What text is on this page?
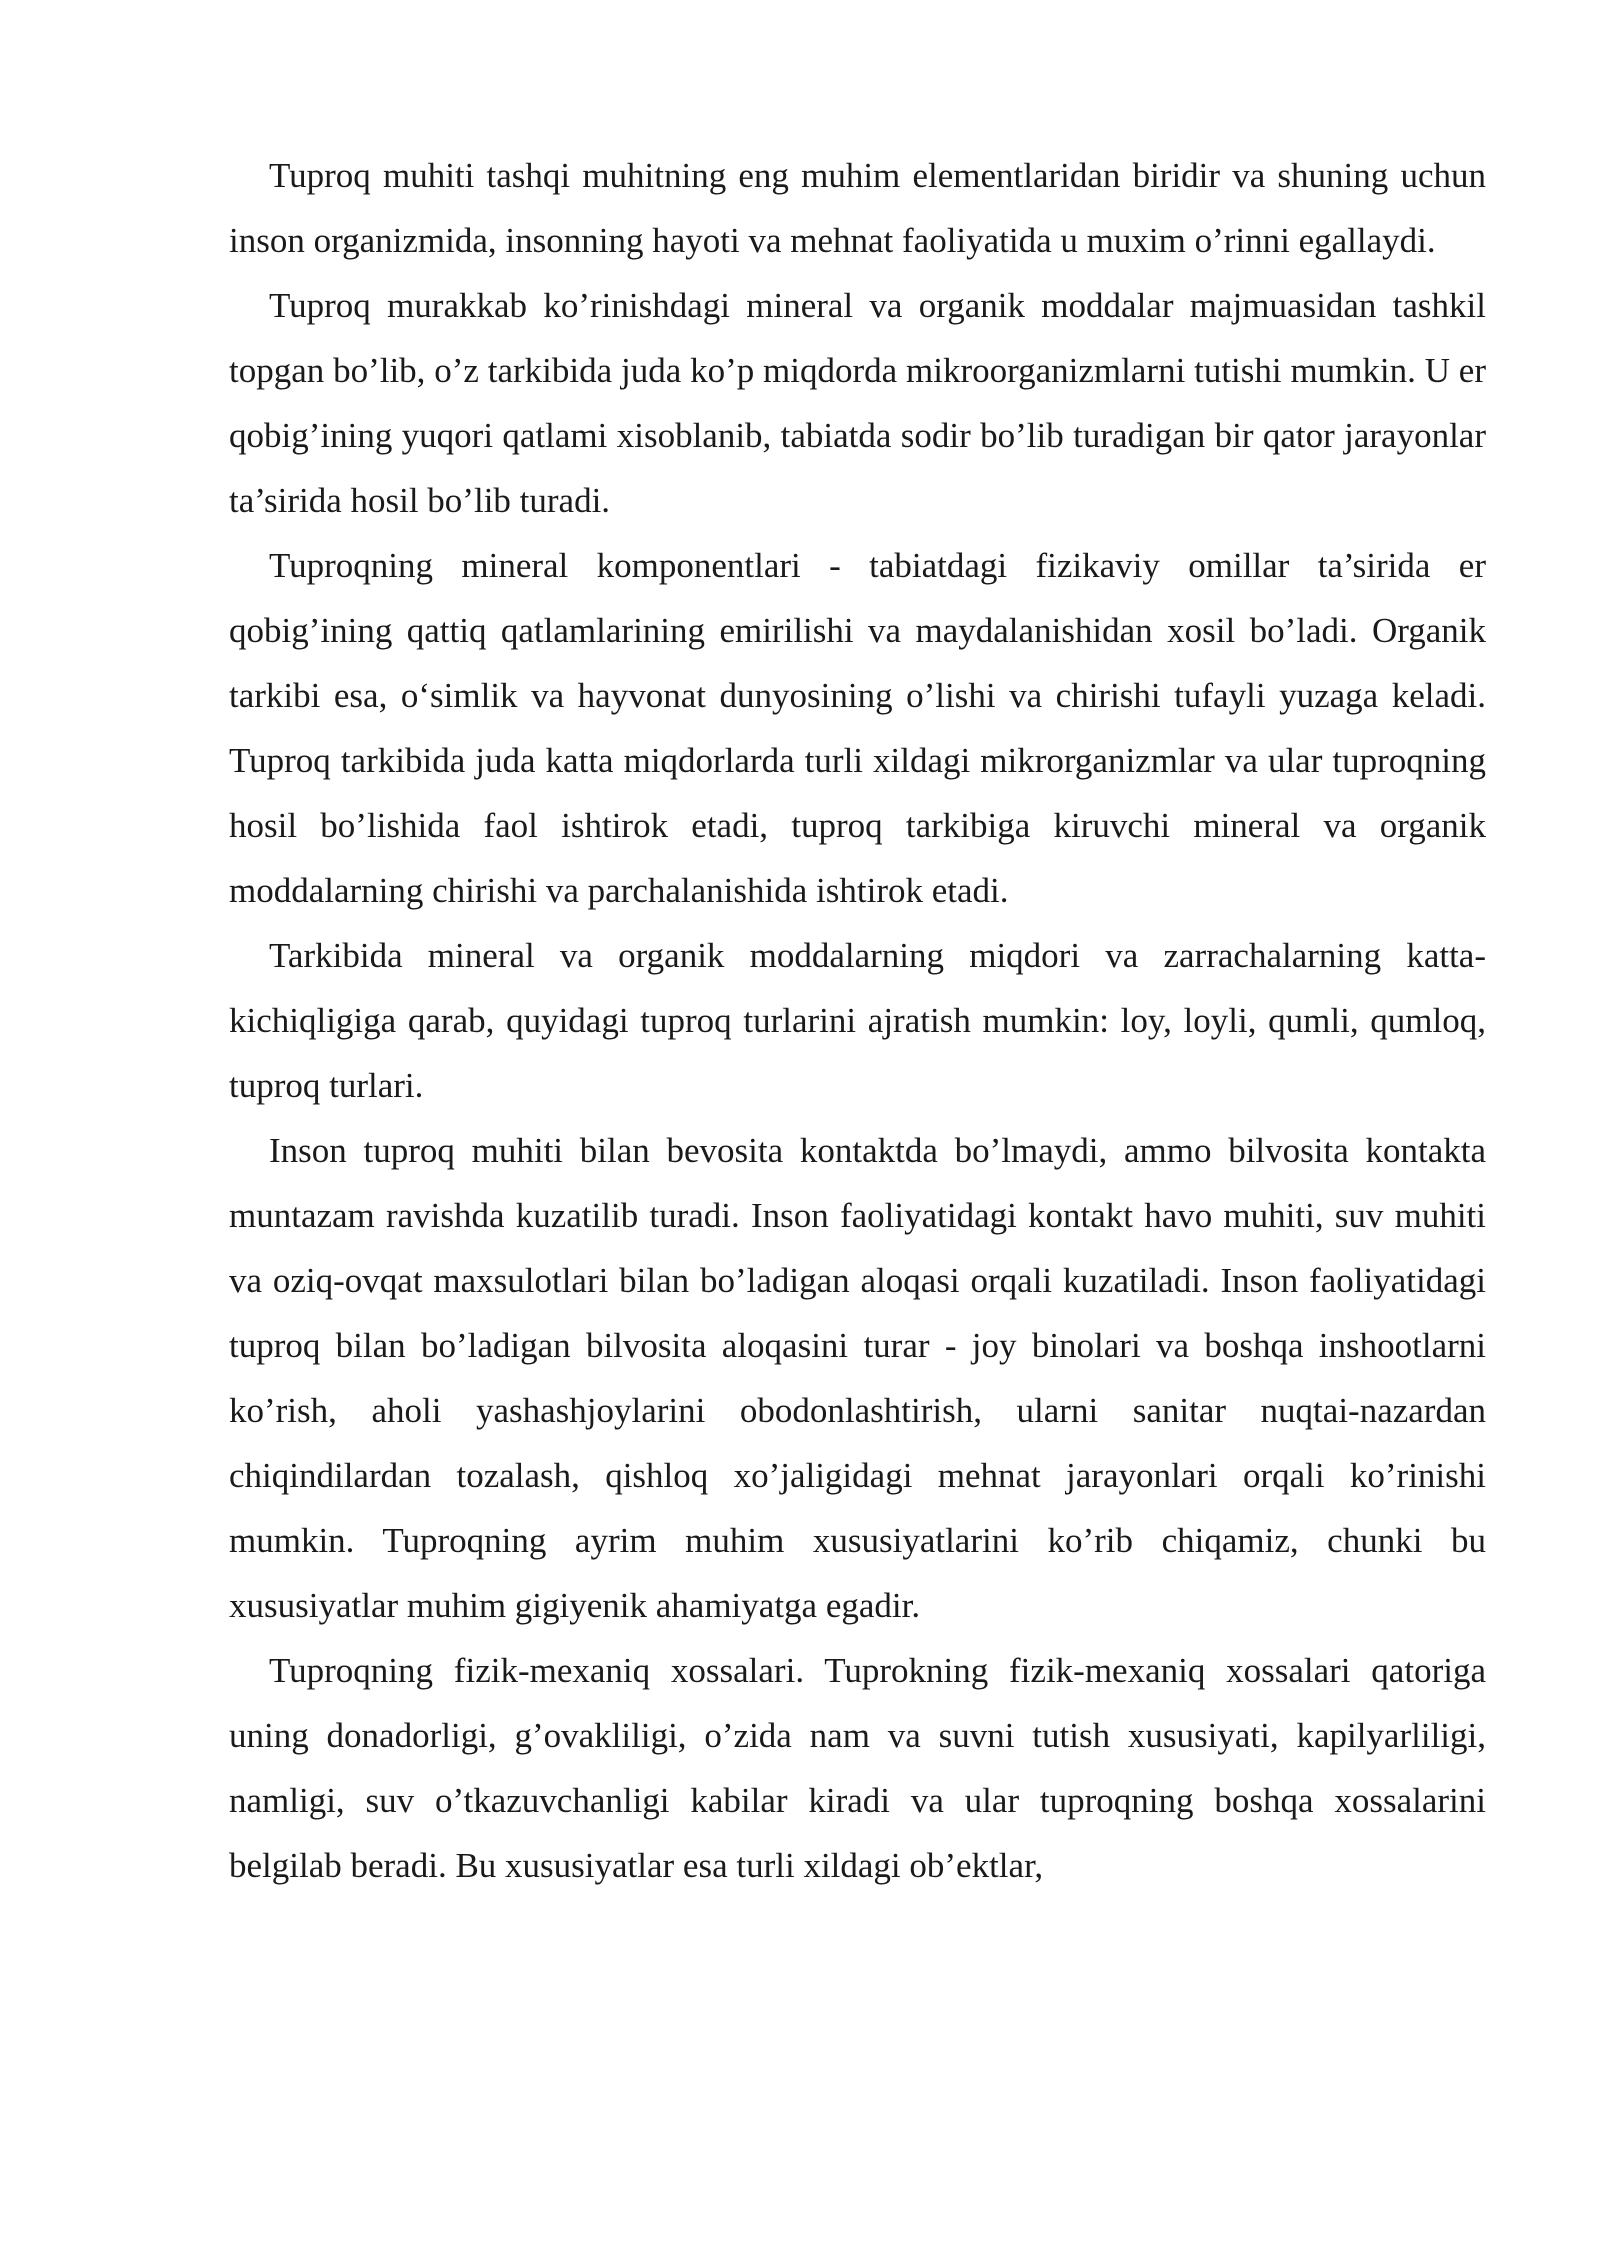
Tuproq muhiti tashqi muhitning eng muhim elementlaridan biridir va shuning uchun inson organizmida, insonning hayoti va mehnat faoliyatida u muxim o’rinni egallaydi.

Tuproq murakkab ko’rinishdagi mineral va organik moddalar majmuasidan tashkil topgan bo’lib, o’z tarkibida juda ko’p miqdorda mikroorganizmlarni tutishi mumkin. U er qobig’ining yuqori qatlami xisoblanib, tabiatda sodir bo’lib turadigan bir qator jarayonlar ta’sirida hosil bo’lib turadi.

Tuproqning mineral komponentlari - tabiatdagi fizikaviy omillar ta’sirida er qobig’ining qattiq qatlamlarining emirilishi va maydalanishidan xosil bo’ladi. Organik tarkibi esa, o‘simlik va hayvonat dunyosining o’lishi va chirishi tufayli yuzaga keladi. Tuproq tarkibida juda katta miqdorlarda turli xildagi mikrorganizmlar va ular tuproqning hosil bo’lishida faol ishtirok etadi, tuproq tarkibiga kiruvchi mineral va organik moddalarning chirishi va parchalanishida ishtirok etadi.

Tarkibida mineral va organik moddalarning miqdori va zarrachalarning katta-kichiqligiga qarab, quyidagi tuproq turlarini ajratish mumkin: loy, loyli, qumli, qumloq, tuproq turlari.

Inson tuproq muhiti bilan bevosita kontaktda bo’lmaydi, ammo bilvosita kontakta muntazam ravishda kuzatilib turadi. Inson faoliyatidagi kontakt havo muhiti, suv muhiti va oziq-ovqat maxsulotlari bilan bo’ladigan aloqasi orqali kuzatiladi. Inson faoliyatidagi tuproq bilan bo’ladigan bilvosita aloqasini turar - joy binolari va boshqa inshootlarni ko’rish, aholi yashashjoylarini obodonlashtirish, ularni sanitar nuqtai-nazardan chiqindilardan tozalash, qishloq xo’jaligidagi mehnat jarayonlari orqali ko’rinishi mumkin. Tuproqning ayrim muhim xususiyatlarini ko’rib chiqamiz, chunki bu xususiyatlar muhim gigiyenik ahamiyatga egadir.

Tuproqning fizik-mexaniq xossalari. Tuprokning fizik-mexaniq xossalari qatoriga uning donadorligi, g’ovakliligi, o’zida nam va suvni tutish xususiyati, kapilyarliligi, namligi, suv o’tkazuvchanligi kabilar kiradi va ular tuproqning boshqa xossalarini belgilab beradi. Bu xususiyatlar esa turli xildagi ob’ektlar,
